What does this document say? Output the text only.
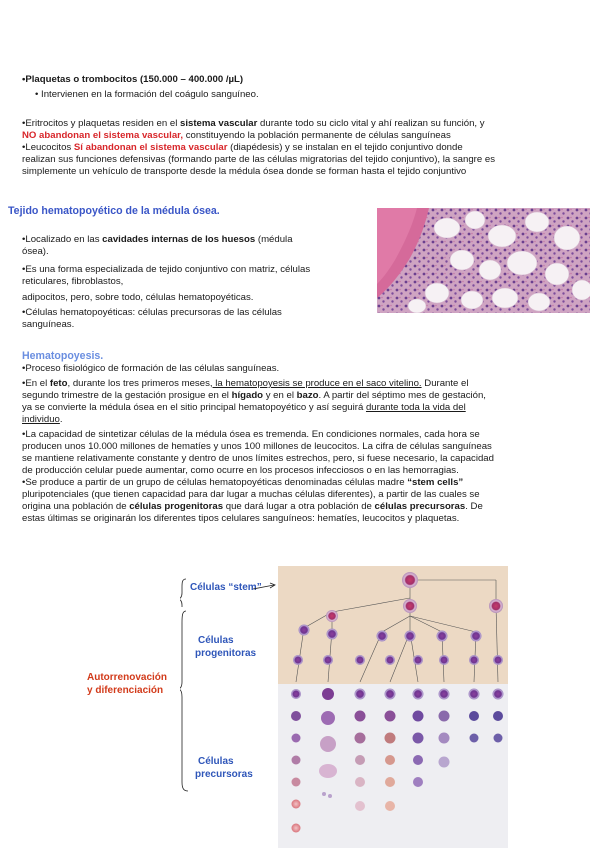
•Plaquetas o trombocitos (150.000 – 400.000 /µL)

• Intervienen en la formación del coágulo sanguíneo.

•Eritrocitos y plaquetas residen en el sistema vascular durante todo su ciclo vital y ahí realizan su función, y

NO abandonan el sistema vascular, constituyendo la población permanente de células sanguíneas

•Leucocitos Sí abandonan el sistema vascular (diapédesis) y se instalan en el tejido conjuntivo donde

realizan sus funciones defensivas (formando parte de las células migratorias del tejido conjuntivo), la sangre es

simplemente un vehículo de transporte desde la médula ósea donde se forman hasta el tejido conjuntivo

Tejido hematopoyético de la médula ósea.

•Localizado en las cavidades internas de los huesos (médula

ósea).

•Es una forma especializada de tejido conjuntivo con matriz, células

reticulares, fibroblastos,

adipocitos, pero, sobre todo, células hematopoyéticas.

•Células hematopoyéticas: células precursoras de las células

sanguíneas.

Hematopoyesis.

•Proceso fisiológico de formación de las células sanguíneas.

•En el feto, durante los tres primeros meses, la hematopoyesis se produce en el saco vitelino. Durante el

segundo trimestre de la gestación prosigue en el hígado y en el bazo. A partir del séptimo mes de gestación,

ya se convierte la médula ósea en el sitio principal hematopoyético y así seguirá durante toda la vida del

individuo.

•La capacidad de sintetizar células de la médula ósea es tremenda. En condiciones normales, cada hora se

producen unos 10.000 millones de hematíes y unos 100 millones de leucocitos. La cifra de células sanguíneas

se mantiene relativamente constante y dentro de unos límites estrechos, pero, si fuese necesario, la capacidad

de producción celular puede aumentar, como ocurre en los procesos infecciosos o en las hemorragias.

•Se produce a partir de un grupo de células hematopoyéticas denominadas células madre “stem cells”

pluripotenciales (que tienen capacidad para dar lugar a muchas células diferentes), a partir de las cuales se

origina una población de células progenitoras que dará lugar a otra población de células precursoras. De

estas últimas se originarán los diferentes tipos celulares sanguíneos: hematíes, leucocitos y plaquetas.

Células “stem”

Células

progenitoras

Autorrenovación

y diferenciación

Células

precursoras
